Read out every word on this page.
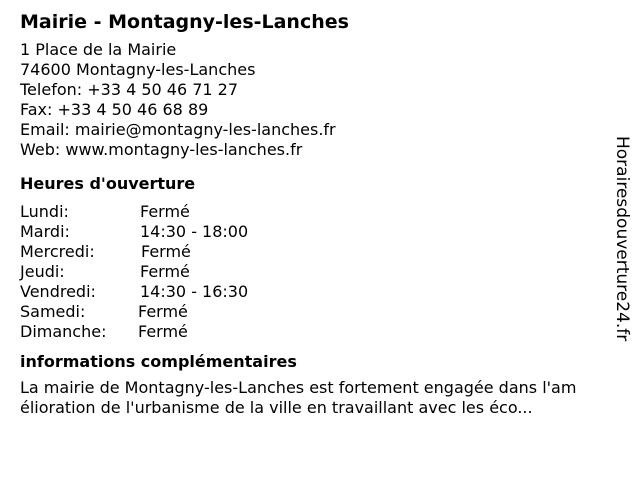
Mairie - Montagny-les-Lanches
1 Place de la Mairie
74600 Montagny-les-Lanches
Telefon: +33 4 50 46 71 27
Fax: +33 4 50 46 68 89
Email: mairie@montagny-les-lanches.fr
Web: www.montagny-les-lanches.fr
Heures d'ouverture
Lundi:	Fermé
Mardi:	14:30 - 18:00
Mercredi:	Fermé
Jeudi:	Fermé
Vendredi:	14:30 - 16:30
Samedi:	Fermé
Dimanche: Fermé
informations complémentaires
La mairie de Montagny-les-Lanches est fortement engagée dans l'am
élioration de l'urbanisme de la ville en travaillant avec les éco...
Horairesdouverture24.fr
